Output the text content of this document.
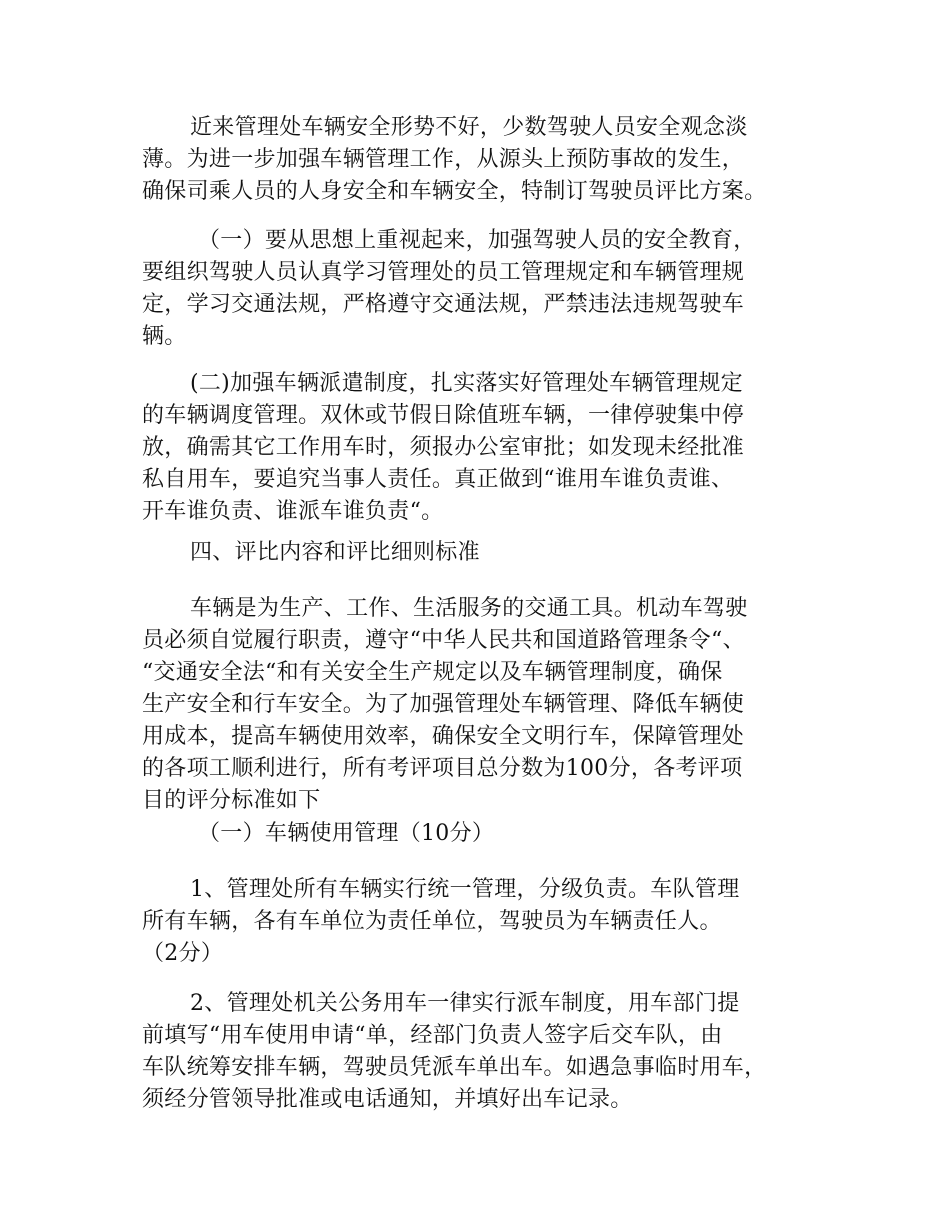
近来管理处车辆安全形势不好，少数驾驶人员安全观念淡
薄。为进一步加强车辆管理工作，从源头上预防事故的发生，
确保司乘人员的人身安全和车辆安全，特制订驾驶员评比方案。
（一）要从思想上重视起来，加强驾驶人员的安全教育，
要组织驾驶人员认真学习管理处的员工管理规定和车辆管理规
定，学习交通法规，严格遵守交通法规，严禁违法违规驾驶车
辆。
(二)加强车辆派遣制度，扎实落实好管理处车辆管理规定
的车辆调度管理。双休或节假日除值班车辆，一律停驶集中停
放，确需其它工作用车时，须报办公室审批；如发现未经批准
私自用车，要追究当事人责任。真正做到“谁用车谁负责谁、
开车谁负责、谁派车谁负责“。
四、评比内容和评比细则标准
车辆是为生产、工作、生活服务的交通工具。机动车驾驶
员必须自觉履行职责，遵守“中华人民共和国道路管理条令“、
“交通安全法“和有关安全生产规定以及车辆管理制度，确保
生产安全和行车安全。为了加强管理处车辆管理、降低车辆使
用成本，提高车辆使用效率，确保安全文明行车，保障管理处
的各项工顺利进行，所有考评项目总分数为100分，各考评项
目的评分标准如下
（一）车辆使用管理（10分）
1、管理处所有车辆实行统一管理，分级负责。车队管理
所有车辆，各有车单位为责任单位，驾驶员为车辆责任人。
（2分）
2、管理处机关公务用车一律实行派车制度，用车部门提
前填写“用车使用申请“单，经部门负责人签字后交车队，由
车队统筹安排车辆，驾驶员凭派车单出车。如遇急事临时用车，
须经分管领导批准或电话通知，并填好出车记录。
